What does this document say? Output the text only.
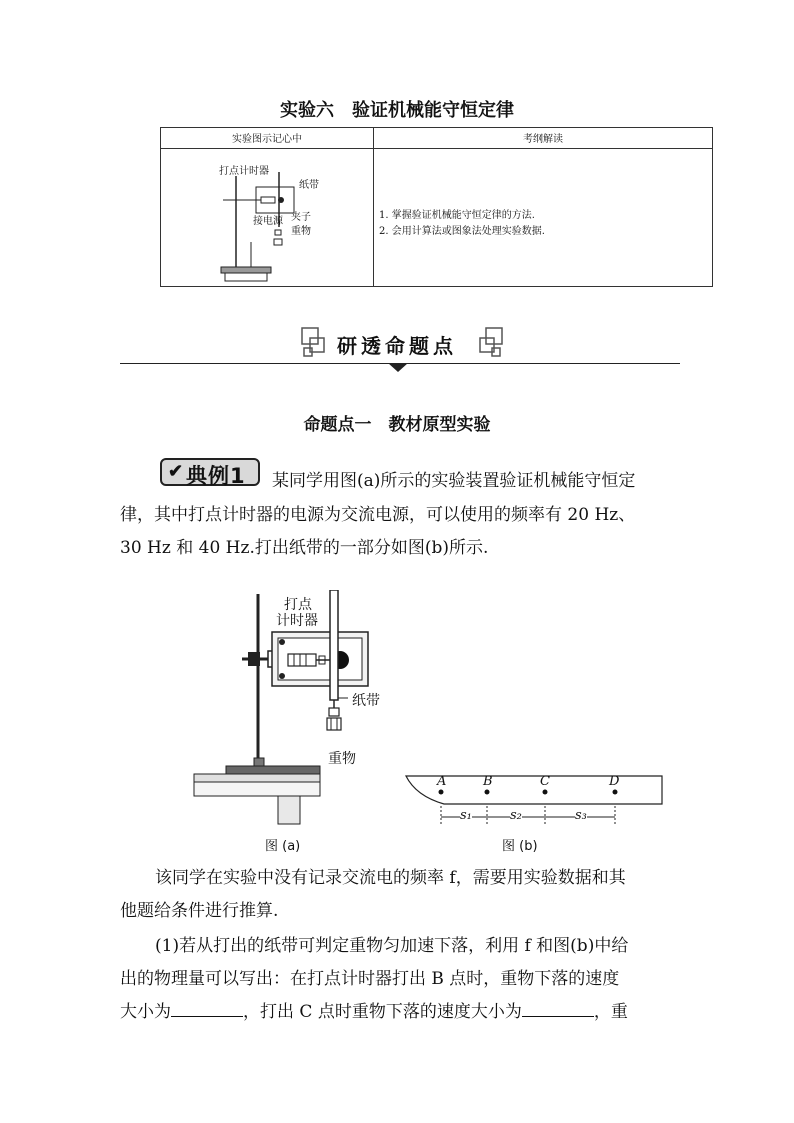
实验六　验证机械能守恒定律
实验图示记心中	考纲解读
1. 掌握验证机械能守恒定律的方法.
2. 会用计算法或图象法处理实验数据.
打点计时器
纸带
接电源 夹子
重物
研透命题点
命题点一　教材原型实验
✔ 典例1 某同学用图(a)所示的实验装置验证机械能守恒定
律，其中打点计时器的电源为交流电源，可以使用的频率有 20 Hz、
30 Hz 和 40 Hz.打出纸带的一部分如图(b)所示.
打点
计时器
纸带
重物
图 (a)
A	B	C	D
s₁	s₂	s₃
图 (b)
该同学在实验中没有记录交流电的频率 f，需要用实验数据和其
他题给条件进行推算.
(1)若从打出的纸带可判定重物匀加速下落，利用 f 和图(b)中给
出的物理量可以写出：在打点计时器打出 B 点时，重物下落的速度
大小为	，打出 C 点时重物下落的速度大小为	，重
